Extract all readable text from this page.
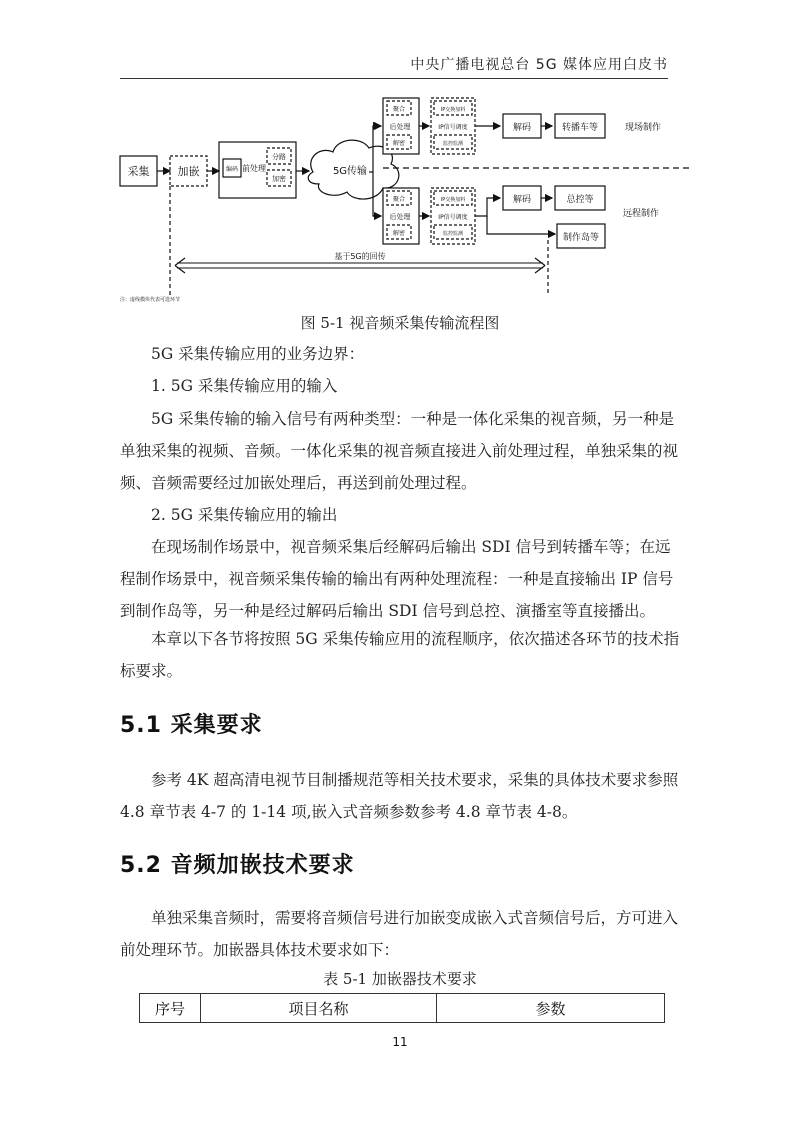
中央广播电视总台 5G 媒体应用白皮书
采集	加嵌	编码 前处理
分路
加密
5G传输
聚合
后处理
解密
IP交换加料
IP信号调度
监控监测
解码	转播车等	现场制作
聚合
后处理
解密
IP交换加料
IP信号调度
监控监测
解码	总控等
制作岛等
远程制作
基于5G的回传
注：虚线模块代表可选环节
图 5-1 视音频采集传输流程图
5G 采集传输应用的业务边界：
1. 5G 采集传输应用的输入
5G 采集传输的输入信号有两种类型：一种是一体化采集的视音频，另一种是单独采集的视频、音频。一体化采集的视音频直接进入前处理过程，单独采集的视频、音频需要经过加嵌处理后，再送到前处理过程。
2. 5G 采集传输应用的输出
在现场制作场景中，视音频采集后经解码后输出 SDI 信号到转播车等；在远程制作场景中，视音频采集传输的输出有两种处理流程：一种是直接输出 IP 信号到制作岛等，另一种是经过解码后输出 SDI 信号到总控、演播室等直接播出。
本章以下各节将按照 5G 采集传输应用的流程顺序，依次描述各环节的技术指标要求。
5.1 采集要求
参考 4K 超高清电视节目制播规范等相关技术要求，采集的具体技术要求参照 4.8 章节表 4-7 的 1-14 项,嵌入式音频参数参考 4.8 章节表 4-8。
5.2 音频加嵌技术要求
单独采集音频时，需要将音频信号进行加嵌变成嵌入式音频信号后，方可进入前处理环节。加嵌器具体技术要求如下：
表 5-1 加嵌器技术要求
序号	项目名称	参数
11
